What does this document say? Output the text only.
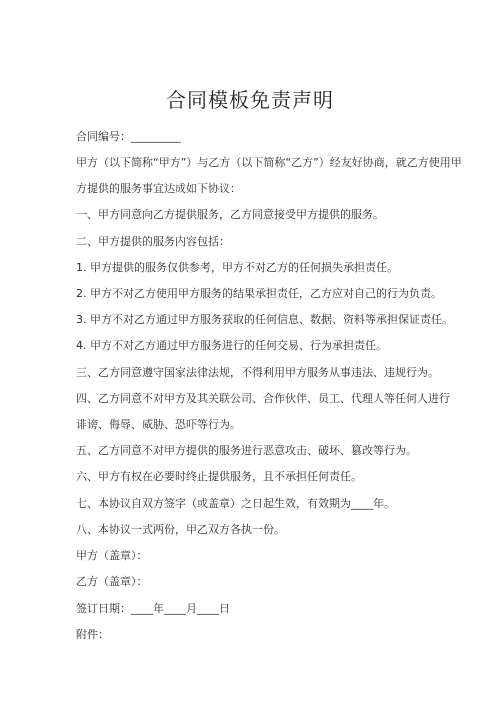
合同模板免责声明
合同编号：_________
甲方（以下简称“甲方”）与乙方（以下简称“乙方”）经友好协商，就乙方使用甲
方提供的服务事宜达成如下协议：
一、甲方同意向乙方提供服务，乙方同意接受甲方提供的服务。
二、甲方提供的服务内容包括：
1. 甲方提供的服务仅供参考，甲方不对乙方的任何损失承担责任。
2. 甲方不对乙方使用甲方服务的结果承担责任，乙方应对自己的行为负责。
3. 甲方不对乙方通过甲方服务获取的任何信息、数据、资料等承担保证责任。
4. 甲方不对乙方通过甲方服务进行的任何交易、行为承担责任。
三、乙方同意遵守国家法律法规，不得利用甲方服务从事违法、违规行为。
四、乙方同意不对甲方及其关联公司、合作伙伴、员工、代理人等任何人进行
诽谤、侮辱、威胁、恐吓等行为。
五、乙方同意不对甲方提供的服务进行恶意攻击、破坏、篡改等行为。
六、甲方有权在必要时终止提供服务，且不承担任何责任。
七、本协议自双方签字（或盖章）之日起生效，有效期为____年。
八、本协议一式两份，甲乙双方各执一份。
甲方（盖章）：
乙方（盖章）：
签订日期：____年____月____日
附件：
